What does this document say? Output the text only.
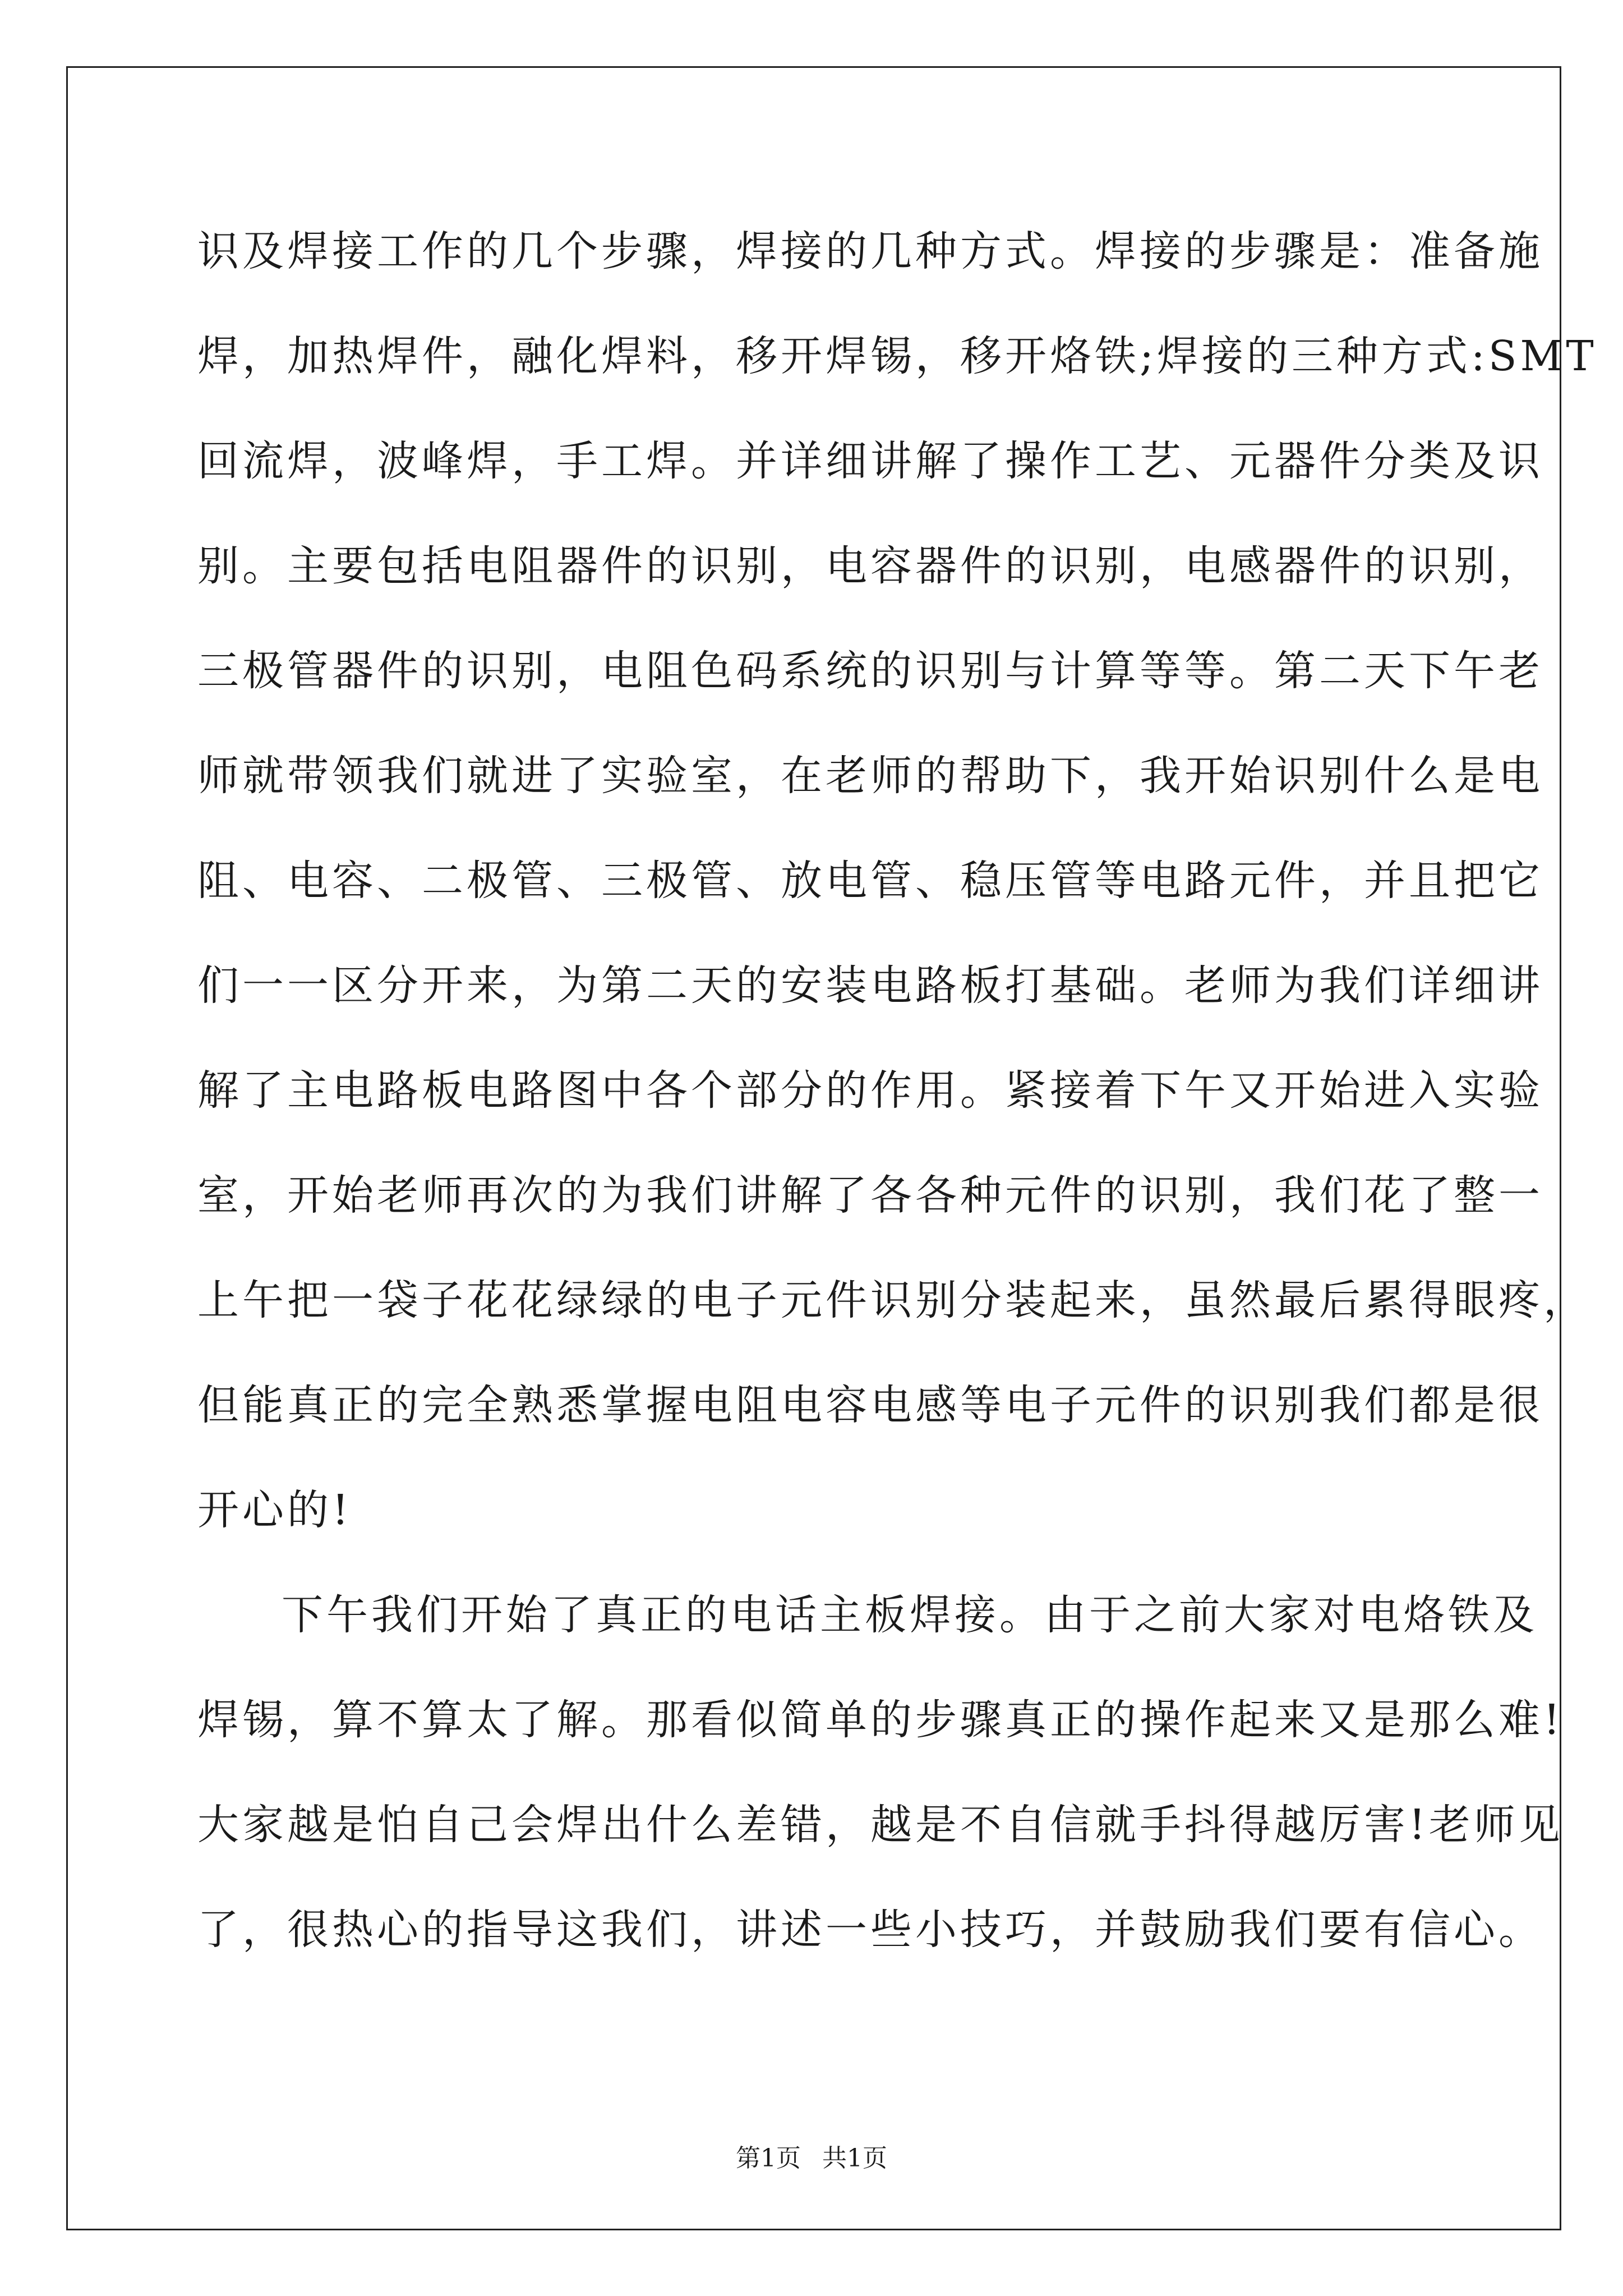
识及焊接工作的几个步骤，焊接的几种方式。焊接的步骤是：准备施
焊，加热焊件，融化焊料，移开焊锡，移开烙铁;焊接的三种方式:SMT
回流焊，波峰焊，手工焊。并详细讲解了操作工艺、元器件分类及识
别。主要包括电阻器件的识别，电容器件的识别，电感器件的识别，
三极管器件的识别，电阻色码系统的识别与计算等等。第二天下午老
师就带领我们就进了实验室，在老师的帮助下，我开始识别什么是电
阻、电容、二极管、三极管、放电管、稳压管等电路元件，并且把它
们一一区分开来，为第二天的安装电路板打基础。老师为我们详细讲
解了主电路板电路图中各个部分的作用。紧接着下午又开始进入实验
室，开始老师再次的为我们讲解了各各种元件的识别，我们花了整一
上午把一袋子花花绿绿的电子元件识别分装起来，虽然最后累得眼疼，
但能真正的完全熟悉掌握电阻电容电感等电子元件的识别我们都是很
开心的!
下午我们开始了真正的电话主板焊接。由于之前大家对电烙铁及
焊锡，算不算太了解。那看似简单的步骤真正的操作起来又是那么难!
大家越是怕自己会焊出什么差错，越是不自信就手抖得越厉害!老师见
了，很热心的指导这我们，讲述一些小技巧，并鼓励我们要有信心。
第1页 共1页
